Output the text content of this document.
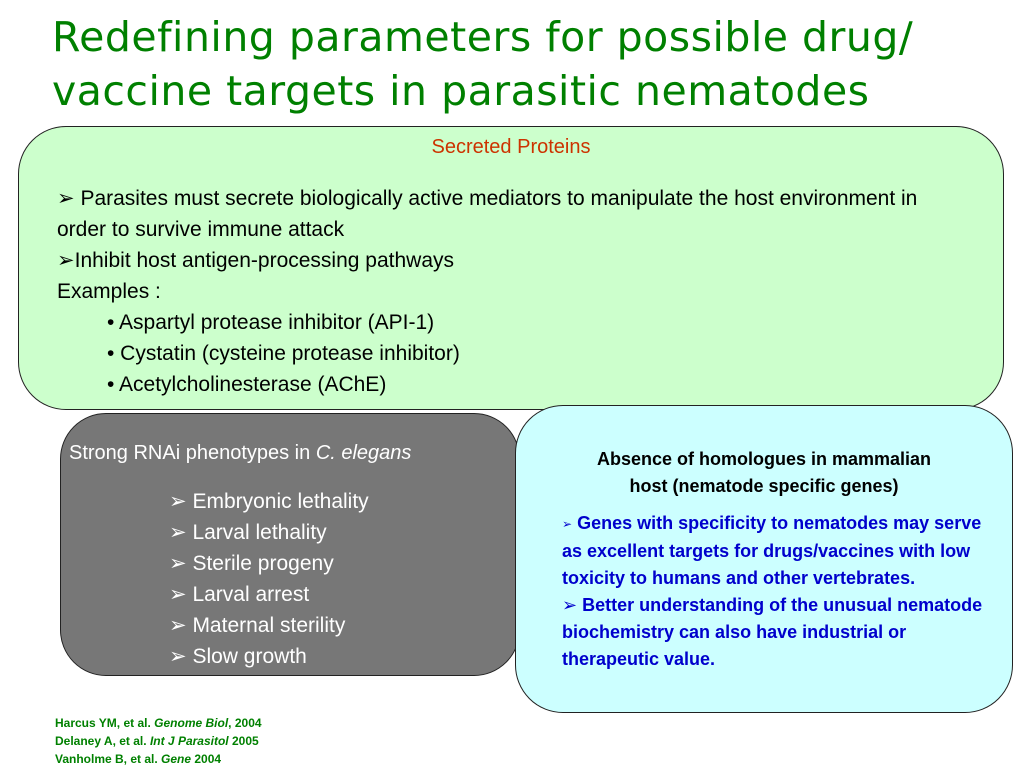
Redefining parameters for possible drug/
vaccine targets in parasitic nematodes
Secreted Proteins
➢ Parasites must secrete biologically active mediators to manipulate the host environment in order to survive immune attack
➢Inhibit host antigen-processing pathways
Examples :
• Aspartyl protease inhibitor (API-1)
• Cystatin (cysteine protease inhibitor)
• Acetylcholinesterase (AChE)
Strong RNAi phenotypes in C. elegans
➢ Embryonic lethality
➢ Larval lethality
➢ Sterile progeny
➢ Larval arrest
➢ Maternal sterility
➢ Slow growth
Absence of homologues in mammalian
host (nematode specific genes)
➢ Genes with specificity to nematodes may serve as excellent targets for drugs/vaccines with low toxicity to humans and other vertebrates.
➢ Better understanding of the unusual nematode biochemistry can also have industrial or therapeutic value.
Harcus YM, et al. Genome Biol, 2004
Delaney A, et al. Int J Parasitol 2005
Vanholme B, et al. Gene 2004
